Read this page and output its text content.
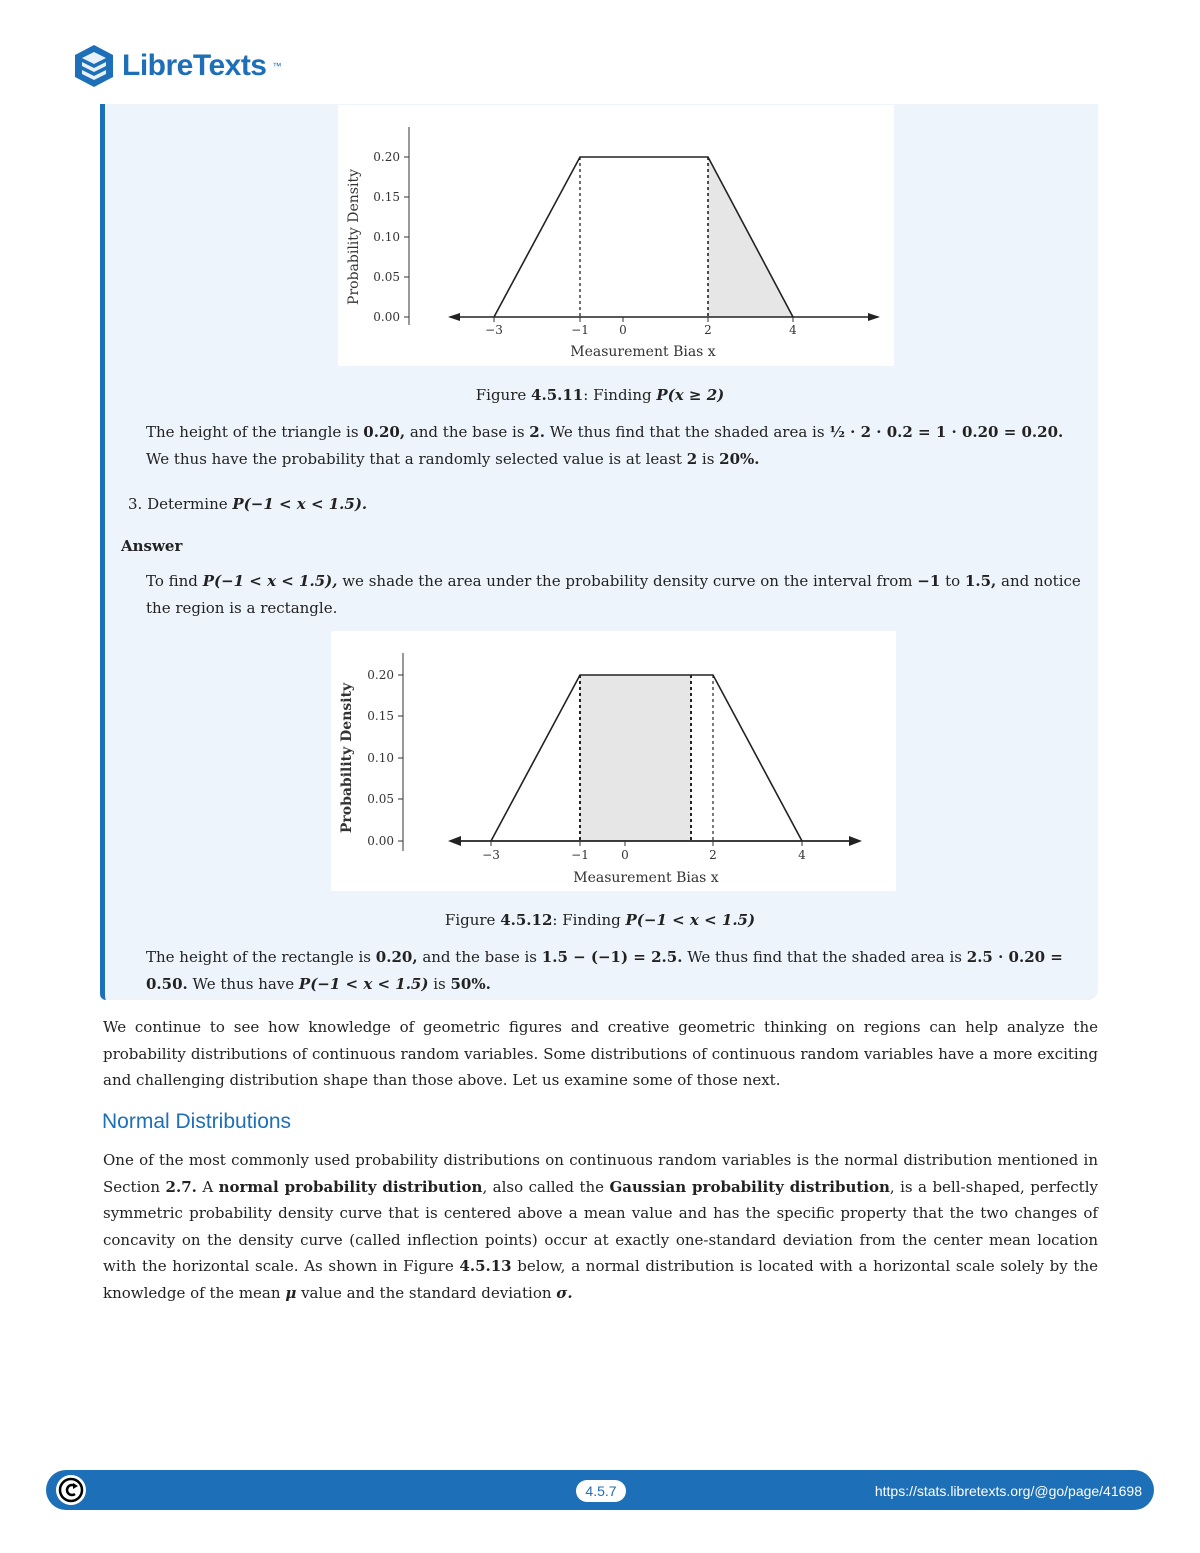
LibreTexts ™
0.00
0.05
0.10
0.15
0.20
Probability Density
−3	−1	0	2	4
Measurement Bias x
Figure 4.5.11: Finding P(x ≥ 2)
The height of the triangle is 0.20, and the base is 2. We thus find that the shaded area is ½ · 2 · 0.2 = 1 · 0.20 = 0.20. We thus have the probability that a randomly selected value is at least 2 is 20%.
3. Determine P(−1 < x < 1.5).
Answer
To find P(−1 < x < 1.5), we shade the area under the probability density curve on the interval from −1 to 1.5, and notice the region is a rectangle.
0.00
0.05
0.10
0.15
0.20
Probability Density
−3	−1	0	2	4
Measurement Bias x
Figure 4.5.12: Finding P(−1 < x < 1.5)
The height of the rectangle is 0.20, and the base is 1.5 − (−1) = 2.5. We thus find that the shaded area is 2.5 · 0.20 = 0.50. We thus have P(−1 < x < 1.5) is 50%.
We continue to see how knowledge of geometric figures and creative geometric thinking on regions can help analyze the probability distributions of continuous random variables. Some distributions of continuous random variables have a more exciting and challenging distribution shape than those above. Let us examine some of those next.
Normal Distributions
One of the most commonly used probability distributions on continuous random variables is the normal distribution mentioned in Section 2.7. A normal probability distribution, also called the Gaussian probability distribution, is a bell-shaped, perfectly symmetric probability density curve that is centered above a mean value and has the specific property that the two changes of concavity on the density curve (called inflection points) occur at exactly one-standard deviation from the center mean location with the horizontal scale. As shown in Figure 4.5.13 below, a normal distribution is located with a horizontal scale solely by the knowledge of the mean μ value and the standard deviation σ.
4.5.7	https://stats.libretexts.org/@go/page/41698
